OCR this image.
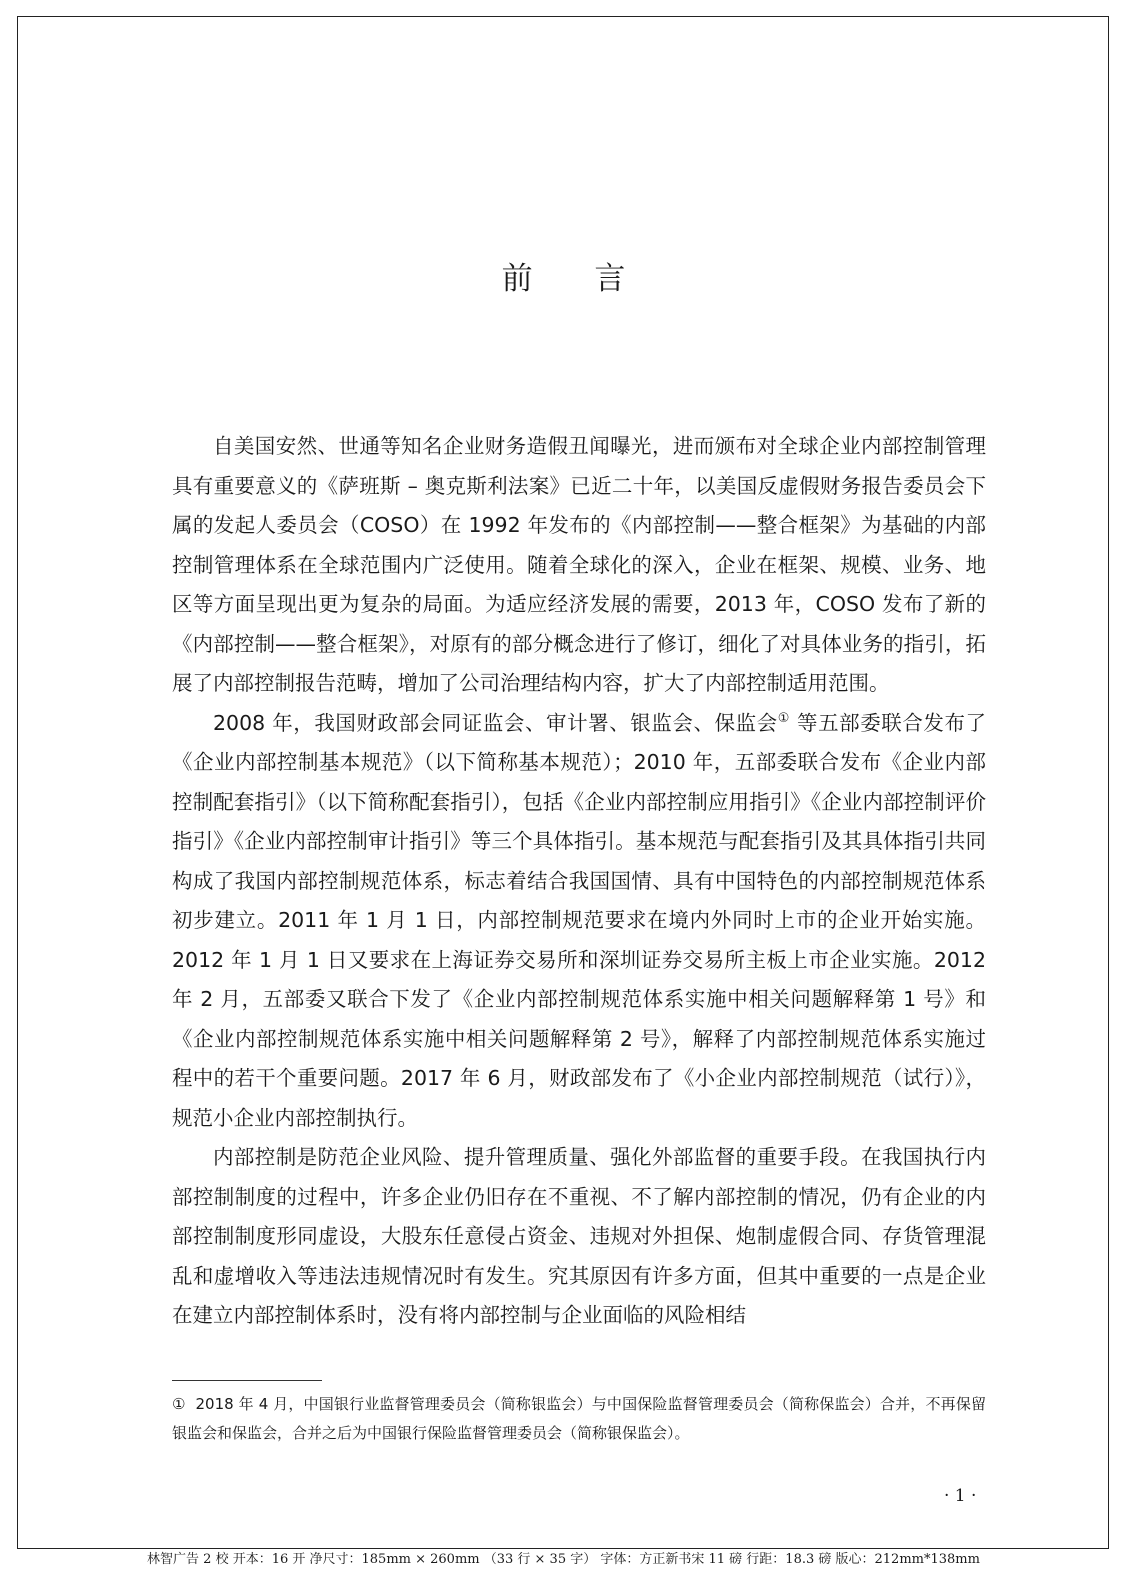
前 言

自美国安然、世通等知名企业财务造假丑闻曝光，进而颁布对全球企业内部控制管理具有重要意义的《萨班斯 – 奥克斯利法案》已近二十年，以美国反虚假财务报告委员会下属的发起人委员会（COSO）在 1992 年发布的《内部控制——整合框架》为基础的内部控制管理体系在全球范围内广泛使用。随着全球化的深入，企业在框架、规模、业务、地区等方面呈现出更为复杂的局面。为适应经济发展的需要，2013 年，COSO 发布了新的《内部控制——整合框架》，对原有的部分概念进行了修订，细化了对具体业务的指引，拓展了内部控制报告范畴，增加了公司治理结构内容，扩大了内部控制适用范围。

2008 年，我国财政部会同证监会、审计署、银监会、保监会① 等五部委联合发布了《企业内部控制基本规范》（以下简称基本规范）；2010 年，五部委联合发布《企业内部控制配套指引》（以下简称配套指引），包括《企业内部控制应用指引》《企业内部控制评价指引》《企业内部控制审计指引》等三个具体指引。基本规范与配套指引及其具体指引共同构成了我国内部控制规范体系，标志着结合我国国情、具有中国特色的内部控制规范体系初步建立。2011 年 1 月 1 日，内部控制规范要求在境内外同时上市的企业开始实施。2012 年 1 月 1 日又要求在上海证券交易所和深圳证券交易所主板上市企业实施。2012 年 2 月，五部委又联合下发了《企业内部控制规范体系实施中相关问题解释第 1 号》和《企业内部控制规范体系实施中相关问题解释第 2 号》，解释了内部控制规范体系实施过程中的若干个重要问题。2017 年 6 月，财政部发布了《小企业内部控制规范（试行）》，规范小企业内部控制执行。

内部控制是防范企业风险、提升管理质量、强化外部监督的重要手段。在我国执行内部控制制度的过程中，许多企业仍旧存在不重视、不了解内部控制的情况，仍有企业的内部控制制度形同虚设，大股东任意侵占资金、违规对外担保、炮制虚假合同、存货管理混乱和虚增收入等违法违规情况时有发生。究其原因有许多方面，但其中重要的一点是企业在建立内部控制体系时，没有将内部控制与企业面临的风险相结

① 2018 年 4 月，中国银行业监督管理委员会（简称银监会）与中国保险监督管理委员会（简称保监会）合并，不再保留银监会和保监会，合并之后为中国银行保险监督管理委员会（简称银保监会）。
· 1 ·
林智广告 2 校 开本：16 开 净尺寸：185mm × 260mm （33 行 × 35 字） 字体：方正新书宋 11 磅 行距：18.3 磅 版心：212mm*138mm
